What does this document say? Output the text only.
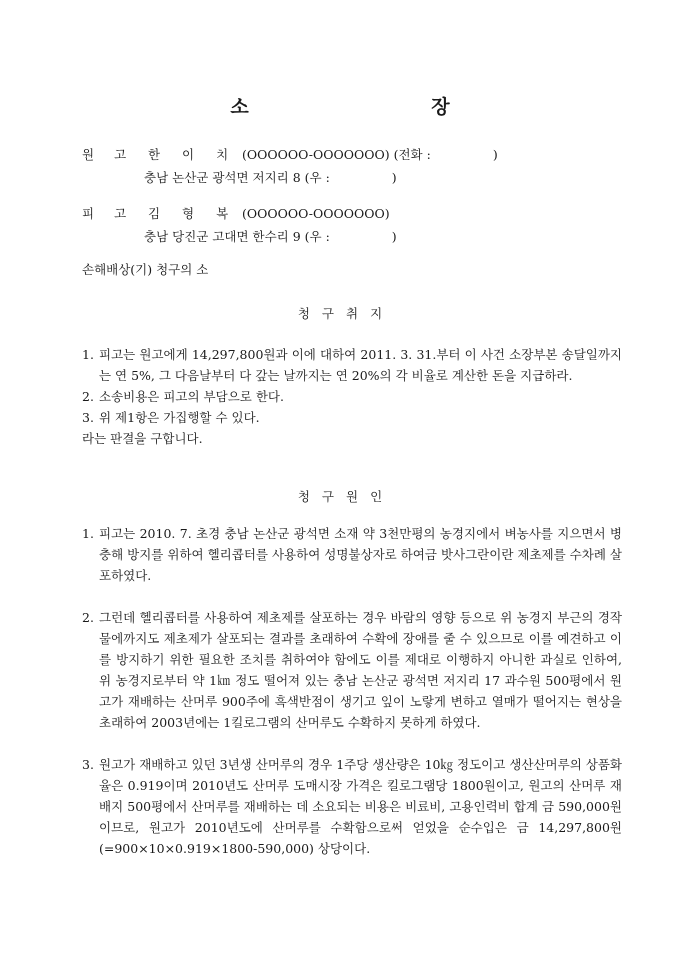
소 장
원고 한이치 (OOOOOO-OOOOOOO) (전화 :	)
충남 논산군 광석면 저지리 8 (우 :	)
피고 김형복 (OOOOOO-OOOOOOO)
충남 당진군 고대면 한수리 9 (우 :	)
손해배상(기) 청구의 소
청구취지
1. 피고는 원고에게 14,297,800원과 이에 대하여 2011. 3. 31.부터 이 사건 소장부본 송달일까지는 연 5%, 그 다음날부터 다 갚는 날까지는 연 20%의 각 비율로 계산한 돈을 지급하라.
2. 소송비용은 피고의 부담으로 한다.
3. 위 제1항은 가집행할 수 있다.
라는 판결을 구합니다.
청구원인
1. 피고는 2010. 7. 초경 충남 논산군 광석면 소재 약 3천만평의 농경지에서 벼농사를 지으면서 병충해 방지를 위하여 헬리콥터를 사용하여 성명불상자로 하여금 밧사그란이란 제초제를 수차례 살포하였다.
2. 그런데 헬리콥터를 사용하여 제초제를 살포하는 경우 바람의 영향 등으로 위 농경지 부근의 경작물에까지도 제초제가 살포되는 결과를 초래하여 수확에 장애를 줄 수 있으므로 이를 예견하고 이를 방지하기 위한 필요한 조치를 취하여야 함에도 이를 제대로 이행하지 아니한 과실로 인하여, 위 농경지로부터 약 1㎞ 정도 떨어져 있는 충남 논산군 광석면 저지리 17 과수원 500평에서 원고가 재배하는 산머루 900주에 흑색반점이 생기고 잎이 노랗게 변하고 열매가 떨어지는 현상을 초래하여 2003년에는 1킬로그램의 산머루도 수확하지 못하게 하였다.
3. 원고가 재배하고 있던 3년생 산머루의 경우 1주당 생산량은 10㎏ 정도이고 생산산머루의 상품화율은 0.919이며 2010년도 산머루 도매시장 가격은 킬로그램당 1800원이고, 원고의 산머루 재배지 500평에서 산머루를 재배하는 데 소요되는 비용은 비료비, 고용인력비 합계 금 590,000원이므로, 원고가 2010년도에 산머루를 수확함으로써 얻었을 순수입은 금 14,297,800원(=900×10×0.919×1800-590,000) 상당이다.
